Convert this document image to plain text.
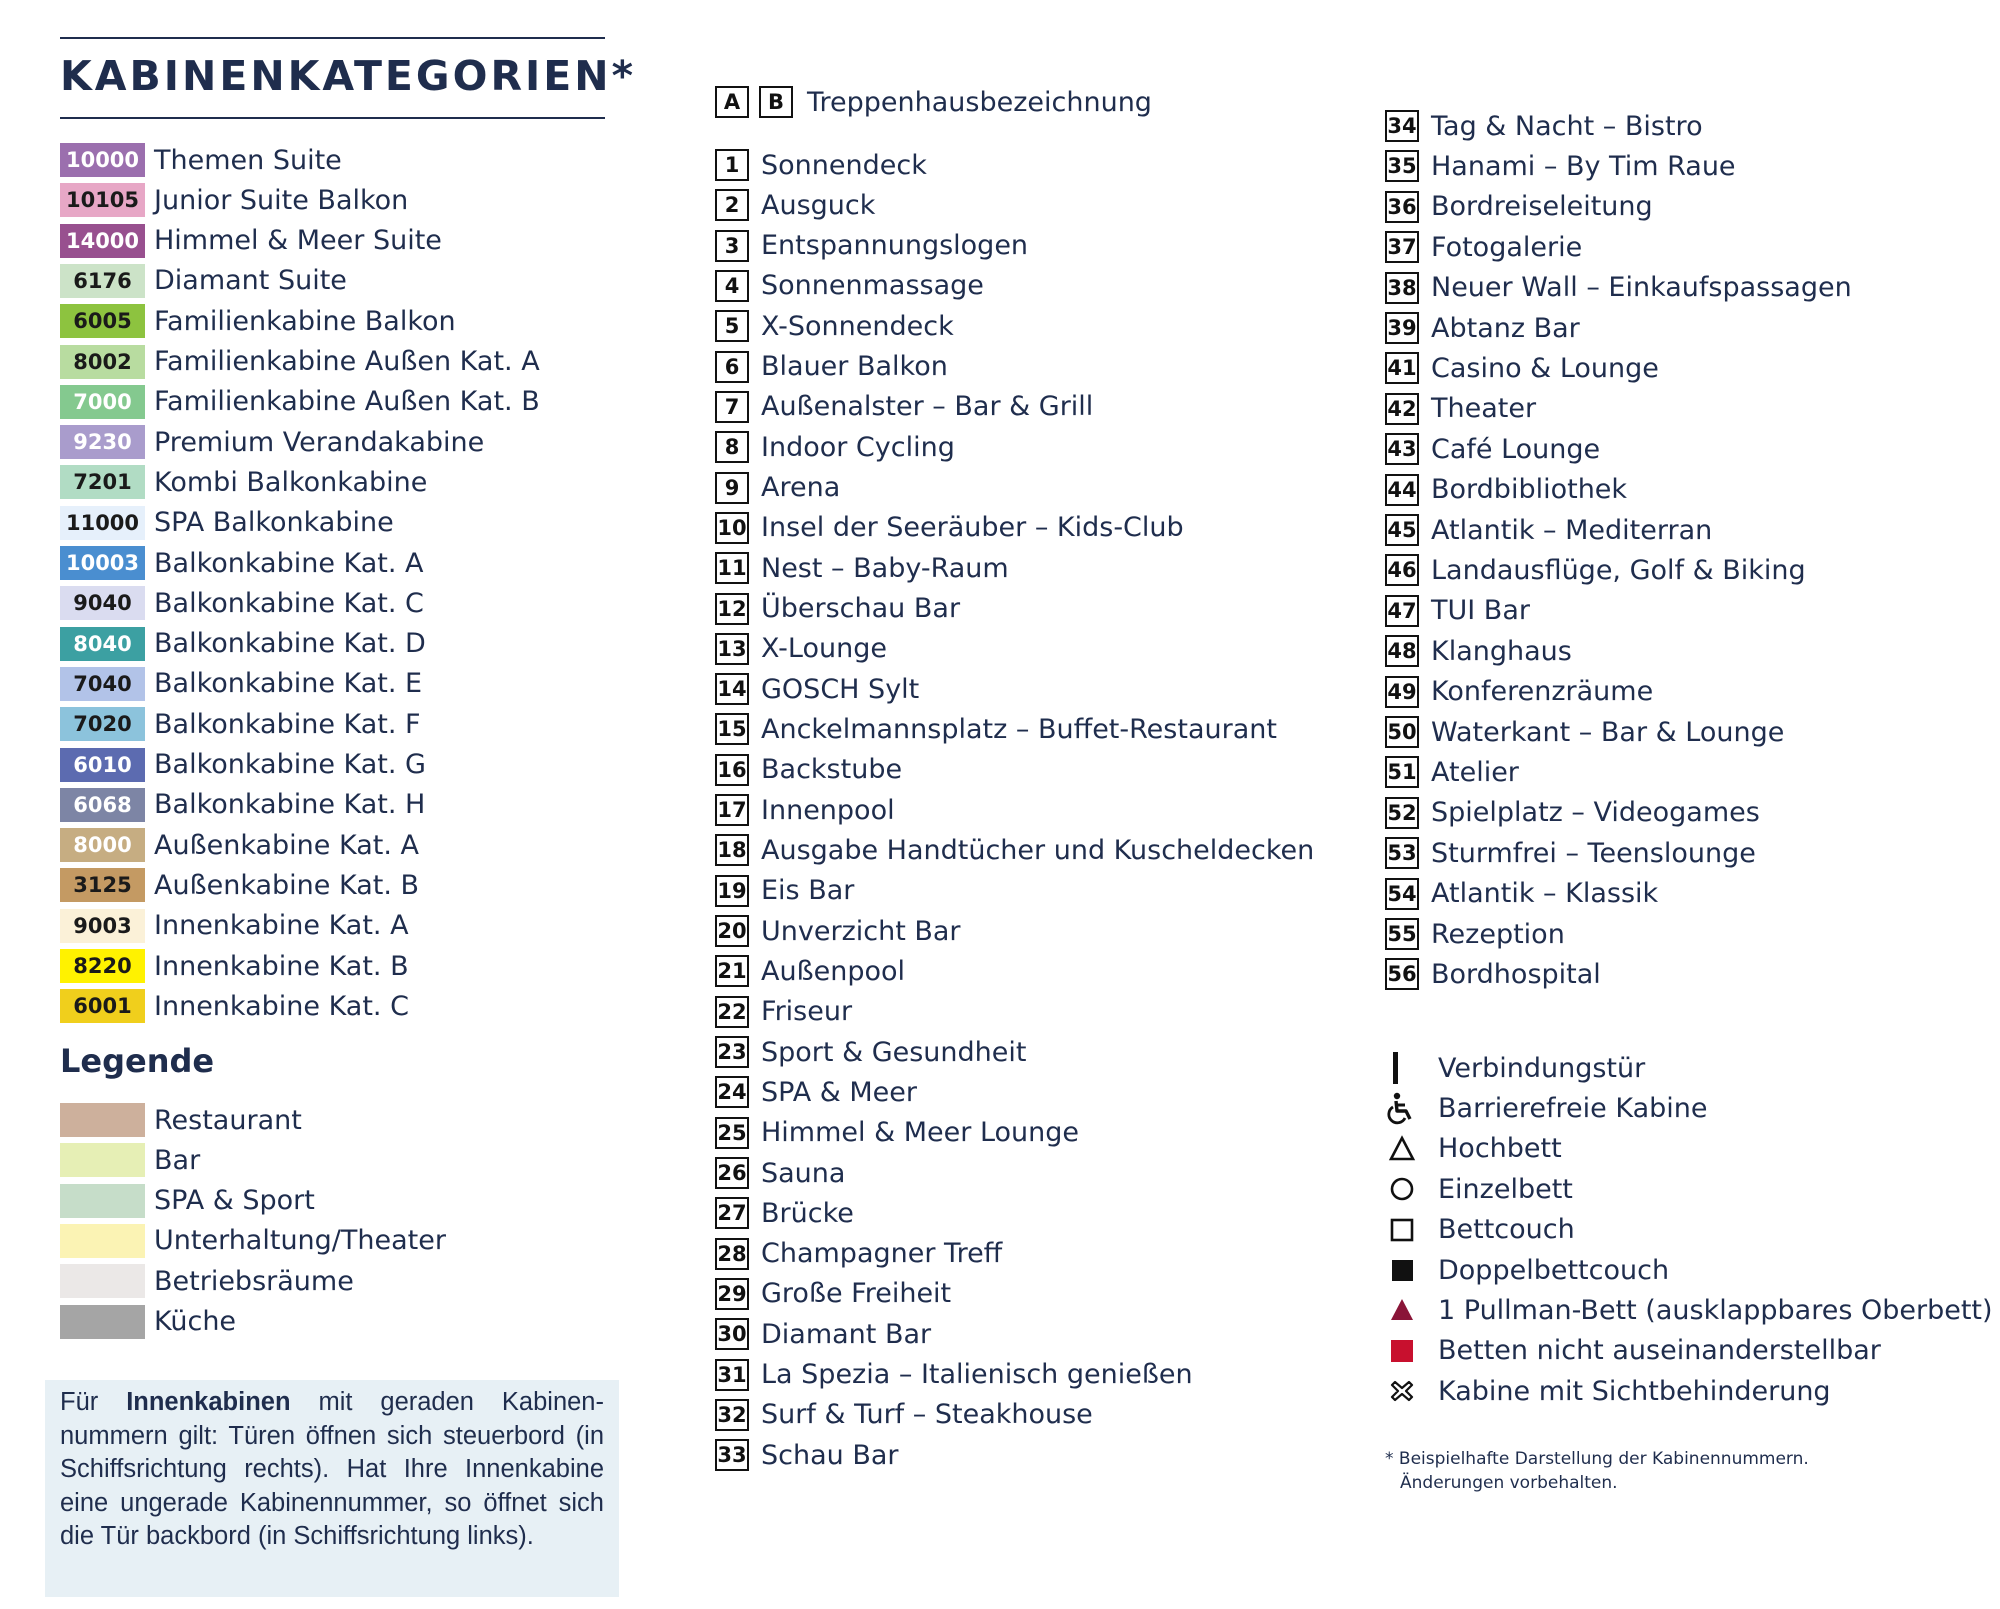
KABINENKATEGORIEN*
10000 Themen Suite
10105 Junior Suite Balkon
14000 Himmel & Meer Suite
6176 Diamant Suite
6005 Familienkabine Balkon
8002 Familienkabine Außen Kat. A
7000 Familienkabine Außen Kat. B
9230 Premium Verandakabine
7201 Kombi Balkonkabine
11000 SPA Balkonkabine
10003 Balkonkabine Kat. A
9040 Balkonkabine Kat. C
8040 Balkonkabine Kat. D
7040 Balkonkabine Kat. E
7020 Balkonkabine Kat. F
6010 Balkonkabine Kat. G
6068 Balkonkabine Kat. H
8000 Außenkabine Kat. A
3125 Außenkabine Kat. B
9003 Innenkabine Kat. A
8220 Innenkabine Kat. B
6001 Innenkabine Kat. C
Legende
Restaurant
Bar
SPA & Sport
Unterhaltung/Theater
Betriebsräume
Küche

Für Innenkabinen mit geraden Kabinennummern gilt: Türen öffnen sich steuerbord (in Schiffsrichtung rechts). Hat Ihre Innenkabine eine ungerade Kabinennummer, so öffnet sich die Tür backbord (in Schiffsrichtung links).

A	B Treppenhausbezeichnung
1 Sonnendeck
2 Ausguck
3 Entspannungslogen
4 Sonnenmassage
5 X-Sonnendeck
6 Blauer Balkon
7 Außenalster – Bar & Grill
8 Indoor Cycling
9 Arena
10 Insel der Seeräuber – Kids-Club
11 Nest – Baby-Raum
12 Überschau Bar
13 X-Lounge
14 GOSCH Sylt
15 Anckelmannsplatz – Buffet-Restaurant
16 Backstube
17 Innenpool
18 Ausgabe Handtücher und Kuscheldecken
19 Eis Bar
20 Unverzicht Bar
21 Außenpool
22 Friseur
23 Sport & Gesundheit
24 SPA & Meer
25 Himmel & Meer Lounge
26 Sauna
27 Brücke
28 Champagner Treff
29 Große Freiheit
30 Diamant Bar
31 La Spezia – Italienisch genießen
32 Surf & Turf – Steakhouse
33 Schau Bar
34 Tag & Nacht – Bistro
35 Hanami – By Tim Raue
36 Bordreiseleitung
37 Fotogalerie
38 Neuer Wall – Einkaufspassagen
39 Abtanz Bar
41 Casino & Lounge
42 Theater
43 Café Lounge
44 Bordbibliothek
45 Atlantik – Mediterran
46 Landausflüge, Golf & Biking
47 TUI Bar
48 Klanghaus
49 Konferenzräume
50 Waterkant – Bar & Lounge
51 Atelier
52 Spielplatz – Videogames
53 Sturmfrei – Teenslounge
54 Atlantik – Klassik
55 Rezeption
56 Bordhospital
Verbindungstür
Barrierefreie Kabine
Hochbett
Einzelbett
Bettcouch
Doppelbettcouch
1 Pullman-Bett (ausklappbares Oberbett)
Betten nicht auseinanderstellbar
Kabine mit Sichtbehinderung
* Beispielhafte Darstellung der Kabinennummern.
Änderungen vorbehalten.
